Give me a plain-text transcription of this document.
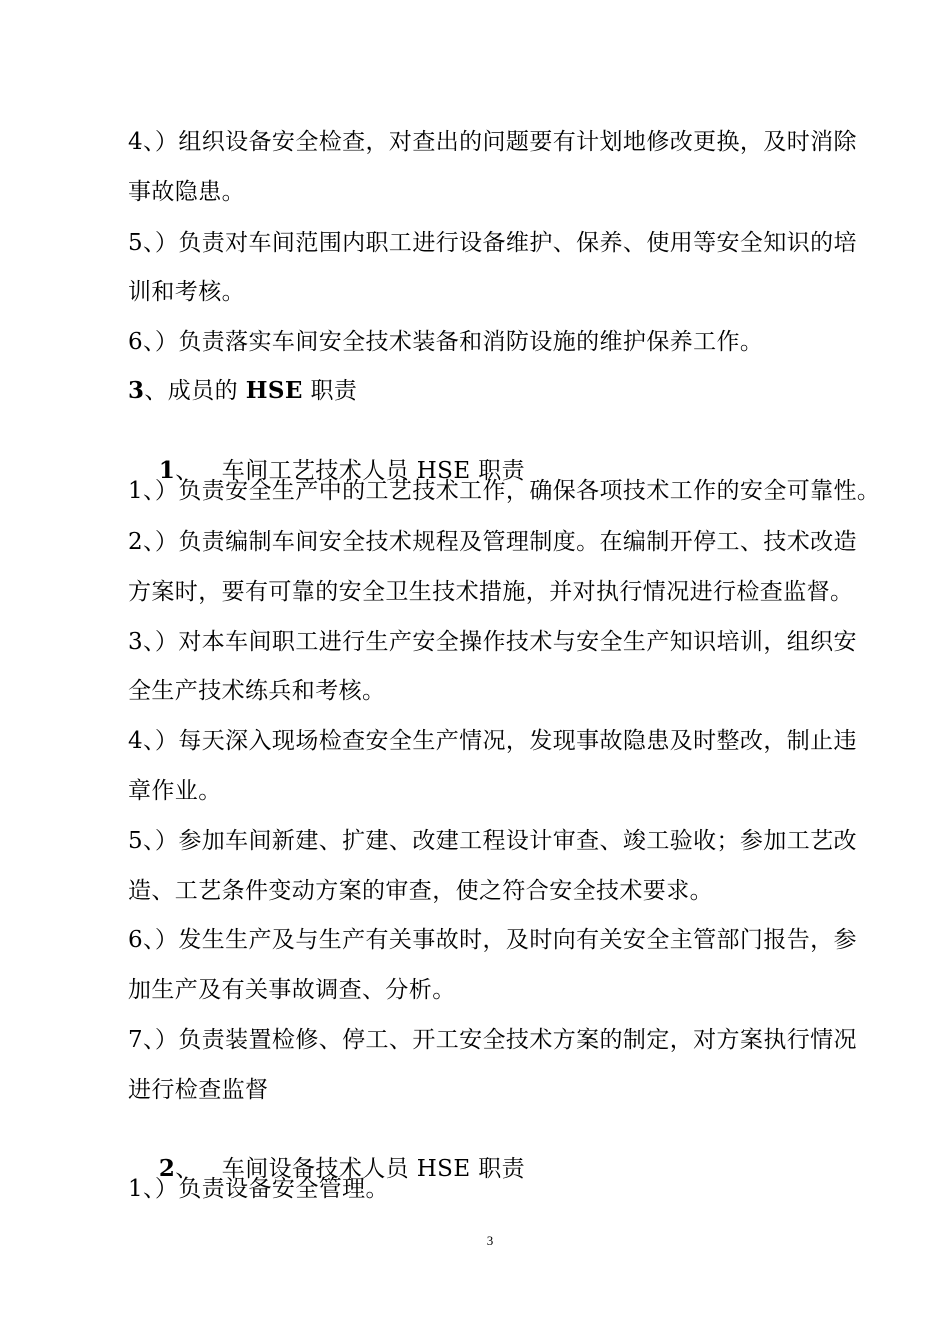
4、）组织设备安全检查，对查出的问题要有计划地修改更换，及时消除
事故隐患。
5、）负责对车间范围内职工进行设备维护、保养、使用等安全知识的培
训和考核。
6、）负责落实车间安全技术装备和消防设施的维护保养工作。
3、成员的 HSE 职责

1、   车间工艺技术人员 HSE 职责

1、）负责安全生产中的工艺技术工作，确保各项技术工作的安全可靠性。
2、）负责编制车间安全技术规程及管理制度。在编制开停工、技术改造
方案时，要有可靠的安全卫生技术措施，并对执行情况进行检查监督。
3、）对本车间职工进行生产安全操作技术与安全生产知识培训，组织安
全生产技术练兵和考核。
4、）每天深入现场检查安全生产情况，发现事故隐患及时整改，制止违
章作业。
5、）参加车间新建、扩建、改建工程设计审查、竣工验收；参加工艺改
造、工艺条件变动方案的审查，使之符合安全技术要求。
6、）发生生产及与生产有关事故时，及时向有关安全主管部门报告，参
加生产及有关事故调查、分析。
7、）负责装置检修、停工、开工安全技术方案的制定，对方案执行情况
进行检查监督

2、   车间设备技术人员 HSE 职责

1、）负责设备安全管理。
3
